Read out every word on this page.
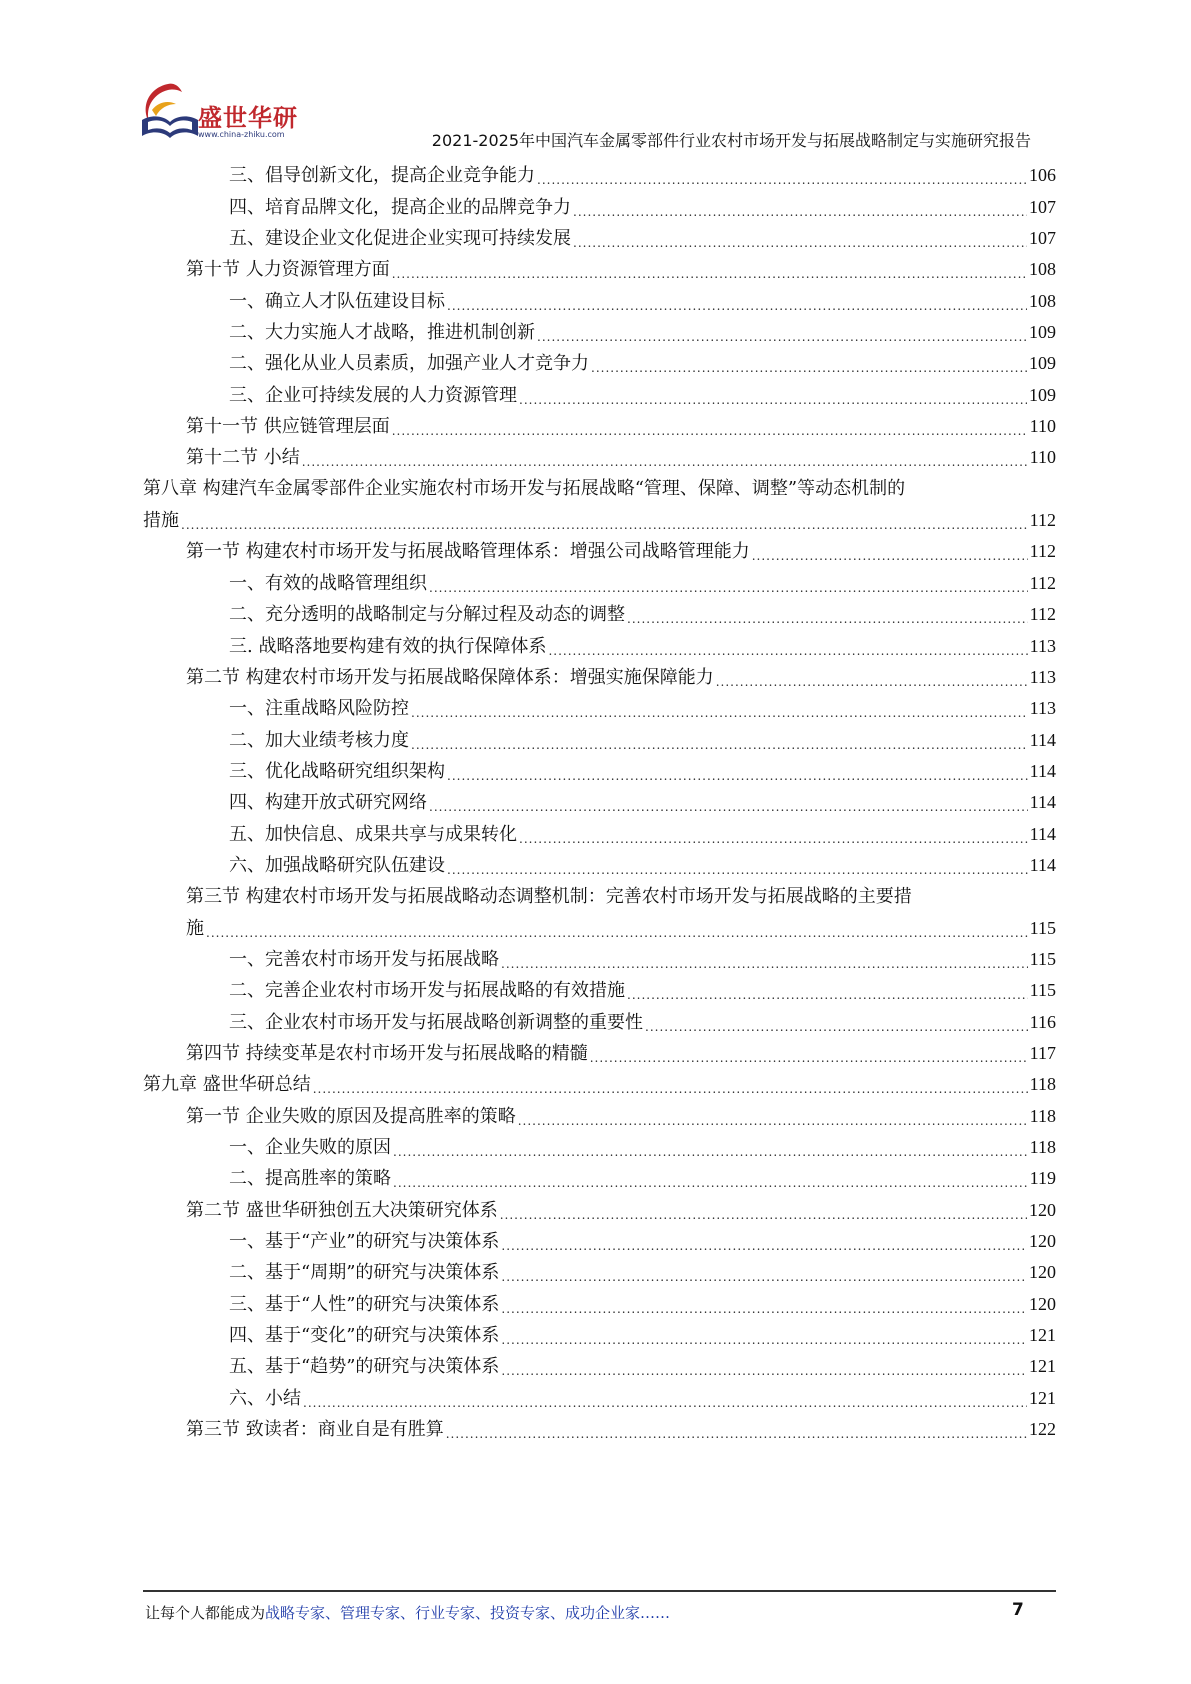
盛世华研
www.china-zhiku.com	2021-2025年中国汽车金属零部件行业农村市场开发与拓展战略制定与实施研究报告
三、倡导创新文化，提高企业竞争能力 .....	106
四、培育品牌文化，提高企业的品牌竞争力 .....	107
五、建设企业文化促进企业实现可持续发展 .....	107
第十节 人力资源管理方面 .....	108
一、确立人才队伍建设目标 .....	108
二、大力实施人才战略，推进机制创新 .....	109
二、强化从业人员素质，加强产业人才竞争力 .....	109
三、企业可持续发展的人力资源管理 .....	109
第十一节 供应链管理层面 .....	110
第十二节 小结 .....	110
第八章 构建汽车金属零部件企业实施农村市场开发与拓展战略“管理、保障、调整”等动态机制的
措施 .....	112
第一节 构建农村市场开发与拓展战略管理体系：增强公司战略管理能力 .....	112
一、有效的战略管理组织 .....	112
二、充分透明的战略制定与分解过程及动态的调整 .....	112
三. 战略落地要构建有效的执行保障体系 .....	113
第二节 构建农村市场开发与拓展战略保障体系：增强实施保障能力 .....	113
一、注重战略风险防控 .....	113
二、加大业绩考核力度 .....	114
三、优化战略研究组织架构 .....	114
四、构建开放式研究网络 .....	114
五、加快信息、成果共享与成果转化 .....	114
六、加强战略研究队伍建设 .....	114
第三节 构建农村市场开发与拓展战略动态调整机制：完善农村市场开发与拓展战略的主要措
施 .....	115
一、完善农村市场开发与拓展战略 .....	115
二、完善企业农村市场开发与拓展战略的有效措施 .....	115
三、企业农村市场开发与拓展战略创新调整的重要性 .....	116
第四节 持续变革是农村市场开发与拓展战略的精髓 .....	117
第九章 盛世华研总结 .....	118
第一节 企业失败的原因及提高胜率的策略 .....	118
一、企业失败的原因 .....	118
二、提高胜率的策略 .....	119
第二节 盛世华研独创五大决策研究体系 .....	120
一、基于“产业”的研究与决策体系 .....	120
二、基于“周期”的研究与决策体系 .....	120
三、基于“人性”的研究与决策体系 .....	120
四、基于“变化”的研究与决策体系 .....	121
五、基于“趋势”的研究与决策体系 .....	121
六、小结 .....	121
第三节 致读者：商业自是有胜算 .....	122
让每个人都能成为战略专家、管理专家、行业专家、投资专家、成功企业家……	7
